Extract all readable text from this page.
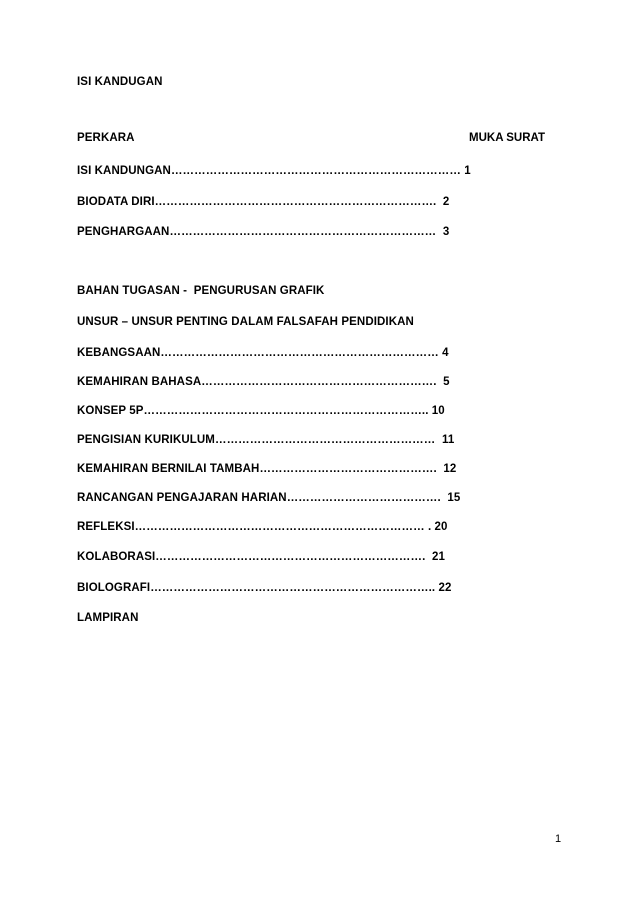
ISI KANDUGAN
PERKARA	MUKA SURAT
ISI KANDUNGAN………………………………………………………………… 1
BIODATA DIRI……………………………………………………………….  2
PENGHARGAAN……………………………………………………………  3
BAHAN TUGASAN -  PENGURUSAN GRAFIK
UNSUR – UNSUR PENTING DALAM FALSAFAH PENDIDIKAN
KEBANGSAAN……………………………………………………………… 4
KEMAHIRAN BAHASA…………………………………………………….  5
KONSEP 5P……………………………………………………………….. 10
PENGISIAN KURIKULUM…………………………………………………  11
KEMAHIRAN BERNILAI TAMBAH……………………………………….  12
RANCANGAN PENGAJARAN HARIAN………………………………….  15
REFLEKSI………………………………………………………………… . 20
KOLABORASI…………………………………………………………….  21
BIOLOGRAFI……………………………………………………………….. 22
LAMPIRAN
1
